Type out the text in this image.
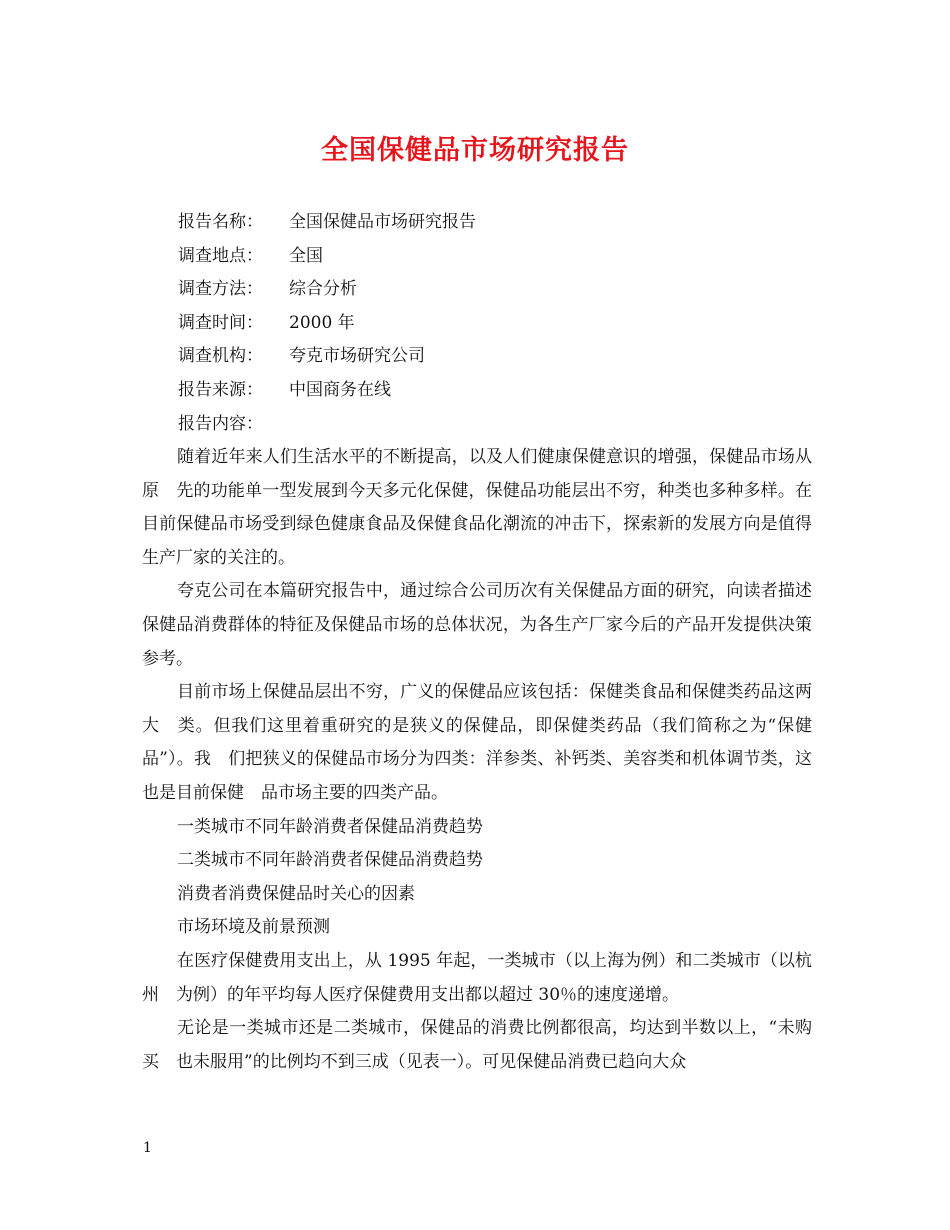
全国保健品市场研究报告
报告名称： 全国保健品市场研究报告
调查地点： 全国
调查方法： 综合分析
调查时间： 2000 年
调查机构： 夸克市场研究公司
报告来源： 中国商务在线
报告内容：

随着近年来人们生活水平的不断提高，以及人们健康保健意识的增强，保健品市场从原　先的功能单一型发展到今天多元化保健，保健品功能层出不穷，种类也多种多样。在目前保健品市场受到绿色健康食品及保健食品化潮流的冲击下，探索新的发展方向是值得生产厂家的关注的。

夸克公司在本篇研究报告中，通过综合公司历次有关保健品方面的研究，向读者描述保健品消费群体的特征及保健品市场的总体状况，为各生产厂家今后的产品开发提供决策参考。

目前市场上保健品层出不穷，广义的保健品应该包括：保健类食品和保健类药品这两大　类。但我们这里着重研究的是狭义的保健品，即保健类药品（我们简称之为“保健品”）。我　们把狭义的保健品市场分为四类：洋参类、补钙类、美容类和机体调节类，这也是目前保健　品市场主要的四类产品。

一类城市不同年龄消费者保健品消费趋势

二类城市不同年龄消费者保健品消费趋势

消费者消费保健品时关心的因素

市场环境及前景预测

在医疗保健费用支出上，从 1995 年起，一类城市（以上海为例）和二类城市（以杭州　为例）的年平均每人医疗保健费用支出都以超过 30％的速度递增。

无论是一类城市还是二类城市，保健品的消费比例都很高，均达到半数以上，“未购买　也未服用”的比例均不到三成（见表一）。可见保健品消费已趋向大众

1
